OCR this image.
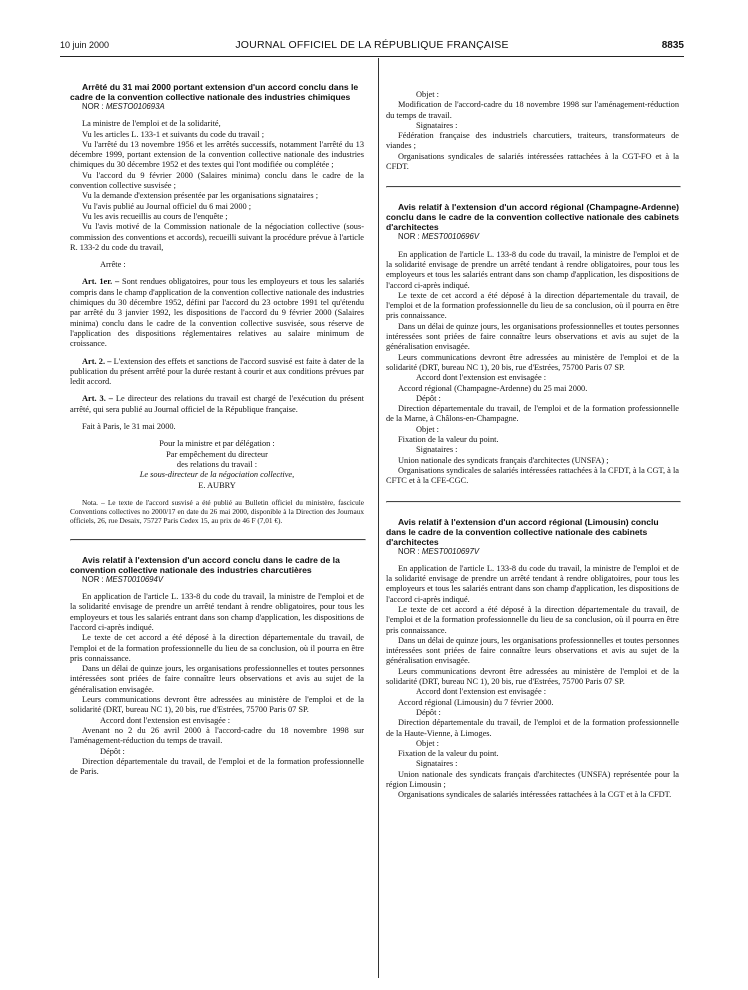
10 juin 2000	JOURNAL OFFICIEL DE LA RÉPUBLIQUE FRANÇAISE	8835

Arrêté du 31 mai 2000 portant extension d'un accord conclu dans le cadre de la convention collective nationale des industries chimiques

NOR : MESTO010693A

La ministre de l'emploi et de la solidarité,

Vu les articles L. 133-1 et suivants du code du travail ;

Vu l'arrêté du 13 novembre 1956 et les arrêtés successifs, notamment l'arrêté du 13 décembre 1999, portant extension de la convention collective nationale des industries chimiques du 30 décembre 1952 et des textes qui l'ont modifiée ou complétée ;

Vu l'accord du 9 février 2000 (Salaires minima) conclu dans le cadre de la convention collective susvisée ;

Vu la demande d'extension présentée par les organisations signataires ;

Vu l'avis publié au Journal officiel du 6 mai 2000 ;

Vu les avis recueillis au cours de l'enquête ;

Vu l'avis motivé de la Commission nationale de la négociation collective (sous-commission des conventions et accords), recueilli suivant la procédure prévue à l'article R. 133-2 du code du travail,

Arrête :

Art. 1er. – Sont rendues obligatoires, pour tous les employeurs et tous les salariés compris dans le champ d'application de la convention collective nationale des industries chimiques du 30 décembre 1952, défini par l'accord du 23 octobre 1991 tel qu'étendu par arrêté du 3 janvier 1992, les dispositions de l'accord du 9 février 2000 (Salaires minima) conclu dans le cadre de la convention collective susvisée, sous réserve de l'application des dispositions réglementaires relatives au salaire minimum de croissance.

Art. 2. – L'extension des effets et sanctions de l'accord susvisé est faite à dater de la publication du présent arrêté pour la durée restant à courir et aux conditions prévues par ledit accord.

Art. 3. – Le directeur des relations du travail est chargé de l'exécution du présent arrêté, qui sera publié au Journal officiel de la République française.

Fait à Paris, le 31 mai 2000.

Pour la ministre et par délégation :

Par empêchement du directeur

des relations du travail :

Le sous-directeur de la négociation collective,

E. AUBRY

Nota. – Le texte de l'accord susvisé a été publié au Bulletin officiel du ministère, fascicule Conventions collectives no 2000/17 en date du 26 mai 2000, disponible à la Direction des Journaux officiels, 26, rue Desaix, 75727 Paris Cedex 15, au prix de 46 F (7,01 €).

Avis relatif à l'extension d'un accord conclu dans le cadre de la convention collective nationale des industries charcutières

NOR : MEST0010694V

En application de l'article L. 133-8 du code du travail, la ministre de l'emploi et de la solidarité envisage de prendre un arrêté tendant à rendre obligatoires, pour tous les employeurs et tous les salariés entrant dans son champ d'application, les dispositions de l'accord ci-après indiqué.

Le texte de cet accord a été déposé à la direction départementale du travail, de l'emploi et de la formation professionnelle du lieu de sa conclusion, où il pourra en être pris connaissance.

Dans un délai de quinze jours, les organisations professionnelles et toutes personnes intéressées sont priées de faire connaître leurs observations et avis au sujet de la généralisation envisagée.

Leurs communications devront être adressées au ministère de l'emploi et de la solidarité (DRT, bureau NC 1), 20 bis, rue d'Estrées, 75700 Paris 07 SP.

Accord dont l'extension est envisagée :

Avenant no 2 du 26 avril 2000 à l'accord-cadre du 18 novembre 1998 sur l'aménagement-réduction du temps de travail.

Dépôt :

Direction départementale du travail, de l'emploi et de la formation professionnelle de Paris.

Objet :

Modification de l'accord-cadre du 18 novembre 1998 sur l'aménagement-réduction du temps de travail.

Signataires :

Fédération française des industriels charcutiers, traiteurs, transformateurs de viandes ;

Organisations syndicales de salariés intéressées rattachées à la CGT-FO et à la CFDT.

Avis relatif à l'extension d'un accord régional (Champagne-Ardenne) conclu dans le cadre de la convention collective nationale des cabinets d'architectes

NOR : MEST0010696V

En application de l'article L. 133-8 du code du travail, la ministre de l'emploi et de la solidarité envisage de prendre un arrêté tendant à rendre obligatoires, pour tous les employeurs et tous les salariés entrant dans son champ d'application, les dispositions de l'accord ci-après indiqué.

Le texte de cet accord a été déposé à la direction départementale du travail, de l'emploi et de la formation professionnelle du lieu de sa conclusion, où il pourra en être pris connaissance.

Dans un délai de quinze jours, les organisations professionnelles et toutes personnes intéressées sont priées de faire connaître leurs observations et avis au sujet de la généralisation envisagée.

Leurs communications devront être adressées au ministère de l'emploi et de la solidarité (DRT, bureau NC 1), 20 bis, rue d'Estrées, 75700 Paris 07 SP.

Accord dont l'extension est envisagée :

Accord régional (Champagne-Ardenne) du 25 mai 2000.

Dépôt :

Direction départementale du travail, de l'emploi et de la formation professionnelle de la Marne, à Châlons-en-Champagne.

Objet :

Fixation de la valeur du point.

Signataires :

Union nationale des syndicats français d'architectes (UNSFA) ;

Organisations syndicales de salariés intéressées rattachées à la CFDT, à la CGT, à la CFTC et à la CFE-CGC.

Avis relatif à l'extension d'un accord régional (Limousin) conclu dans le cadre de la convention collective nationale des cabinets d'architectes

NOR : MEST0010697V

En application de l'article L. 133-8 du code du travail, la ministre de l'emploi et de la solidarité envisage de prendre un arrêté tendant à rendre obligatoires, pour tous les employeurs et tous les salariés entrant dans son champ d'application, les dispositions de l'accord ci-après indiqué.

Le texte de cet accord a été déposé à la direction départementale du travail, de l'emploi et de la formation professionnelle du lieu de sa conclusion, où il pourra en être pris connaissance.

Dans un délai de quinze jours, les organisations professionnelles et toutes personnes intéressées sont priées de faire connaître leurs observations et avis au sujet de la généralisation envisagée.

Leurs communications devront être adressées au ministère de l'emploi et de la solidarité (DRT, bureau NC 1), 20 bis, rue d'Estrées, 75700 Paris 07 SP.

Accord dont l'extension est envisagée :

Accord régional (Limousin) du 7 février 2000.

Dépôt :

Direction départementale du travail, de l'emploi et de la formation professionnelle de la Haute-Vienne, à Limoges.

Objet :

Fixation de la valeur du point.

Signataires :

Union nationale des syndicats français d'architectes (UNSFA) représentée pour la région Limousin ;

Organisations syndicales de salariés intéressées rattachées à la CGT et à la CFDT.
